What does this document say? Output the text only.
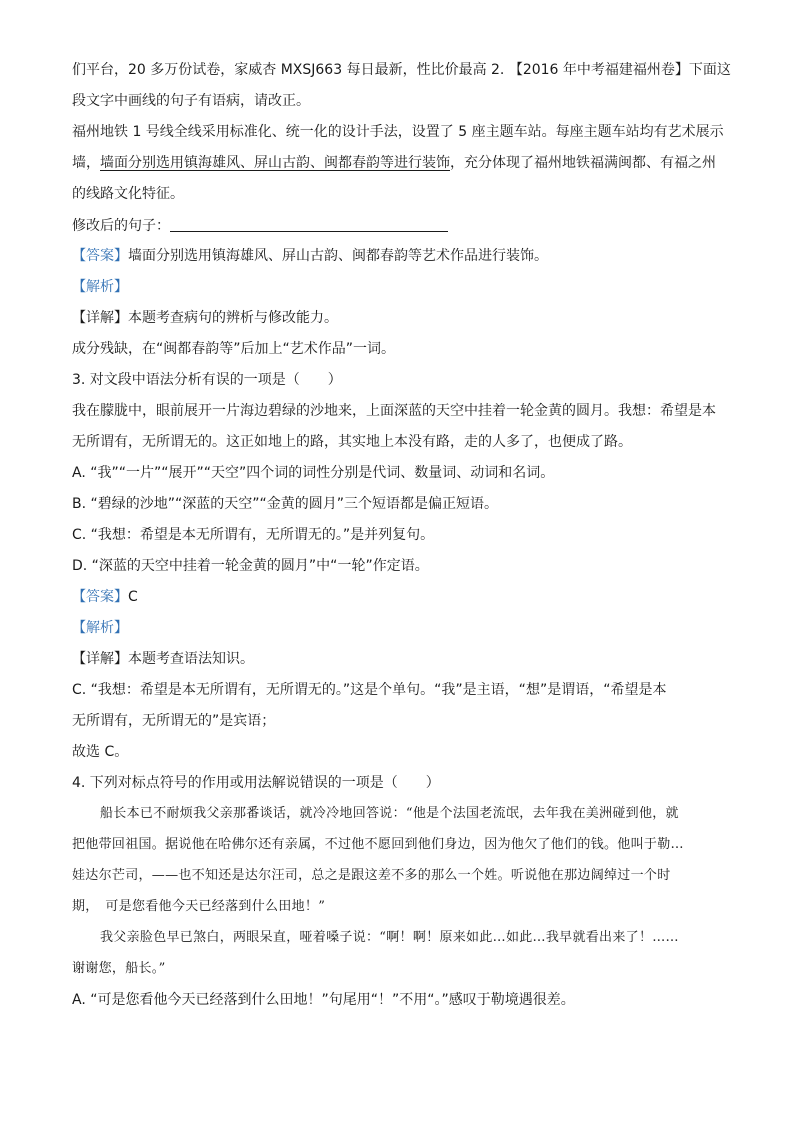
们平台，20 多万份试卷，家威杏 MXSJ663 每日最新，性比价最高 2. 【2016 年中考福建福州卷】下面这
段文字中画线的句子有语病，请改正。
福州地铁 1 号线全线采用标准化、统一化的设计手法，设置了 5 座主题车站。每座主题车站均有艺术展示
墙，墙面分别选用镇海雄风、屏山古韵、闽都春韵等进行装饰，充分体现了福州地铁福满闽都、有福之州
的线路文化特征。
修改后的句子：
【答案】墙面分别选用镇海雄风、屏山古韵、闽都春韵等艺术作品进行装饰。
【解析】
【详解】本题考查病句的辨析与修改能力。
成分残缺，在“闽都春韵等”后加上“艺术作品”一词。
3. 对文段中语法分析有误的一项是（　　）
我在朦胧中，眼前展开一片海边碧绿的沙地来，上面深蓝的天空中挂着一轮金黄的圆月。我想：希望是本
无所谓有，无所谓无的。这正如地上的路，其实地上本没有路，走的人多了，也便成了路。
A. “我”“一片”“展开”“天空”四个词的词性分别是代词、数量词、动词和名词。
B. “碧绿的沙地”“深蓝的天空”“金黄的圆月”三个短语都是偏正短语。
C. “我想：希望是本无所谓有，无所谓无的。”是并列复句。
D. “深蓝的天空中挂着一轮金黄的圆月”中“一轮”作定语。
【答案】C
【解析】
【详解】本题考查语法知识。
C. “我想：希望是本无所谓有，无所谓无的。”这是个单句。“我”是主语，“想”是谓语，“希望是本
无所谓有，无所谓无的”是宾语；
故选 C。
4. 下列对标点符号的作用或用法解说错误的一项是（　　）
船长本已不耐烦我父亲那番谈话，就冷冷地回答说：“他是个法国老流氓，去年我在美洲碰到他，就
把他带回祖国。据说他在哈佛尔还有亲属，不过他不愿回到他们身边，因为他欠了他们的钱。他叫于勒…
娃达尔芒司，——也不知还是达尔汪司，总之是跟这差不多的那么一个姓。听说他在那边阔绰过一个时
期，　可是您看他今天已经落到什么田地！”
我父亲脸色早已煞白，两眼呆直，哑着嗓子说：“啊！啊！原来如此…如此…我早就看出来了！……
谢谢您，船长。”
A. “可是您看他今天已经落到什么田地！”句尾用“！”不用“。”感叹于勒境遇很差。
